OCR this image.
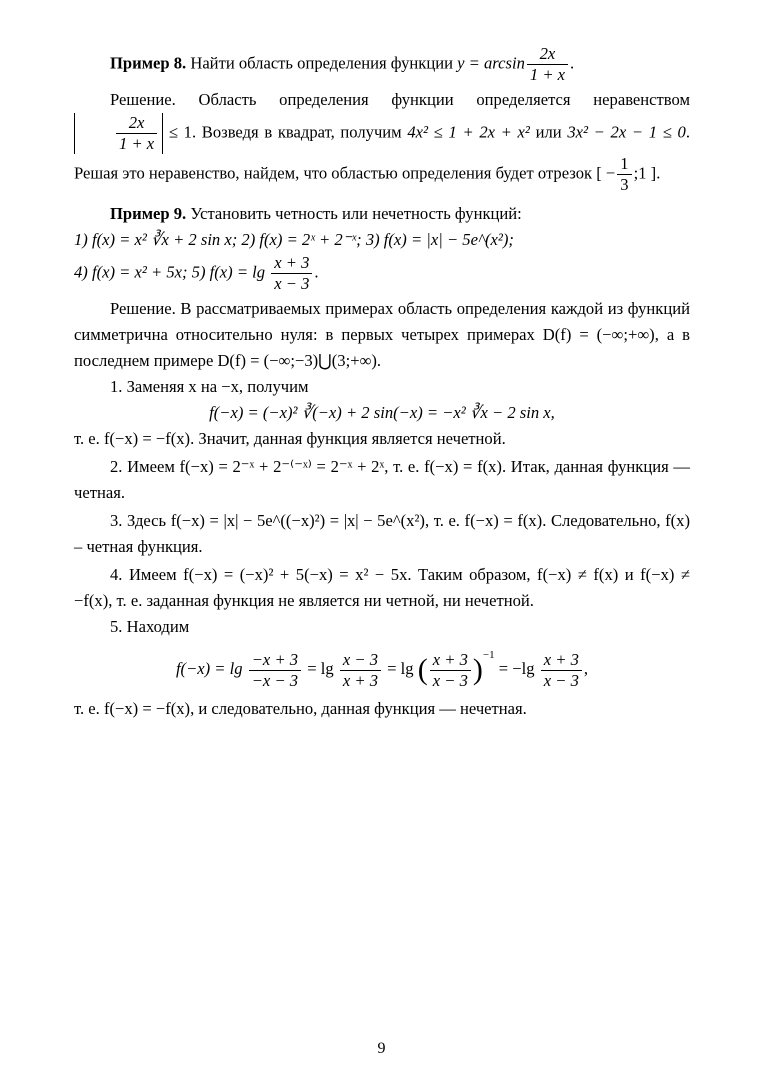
Пример 8. Найти область определения функции $y = \arcsin \frac{2x}{1 + x}$ .

Решение. Область определения функции определяется неравенством
$\frac{2x}{1 + x} \le 1$. Возведя в квадрат, получим 4x² ≤ 1 + 2x + x² или 3x² − 2x − 1 ≤ 0. Решая это неравенство, найдем, что областью определения будет отрезок [ − $\frac{1}{3}$ ;1 ].

Пример 9. Установить четность или нечетность функций:

1) f(x) = x² ∛x + 2 sin x; 2) f(x) = 2ˣ + 2⁻ˣ; 3) f(x) = |x| − 5e^(x²);

4) f(x) = x² + 5x; 5) $f(x) = \lg \frac{x + 3}{x - 3}$ .

Решение. В рассматриваемых примерах область определения каждой из функций симметрична относительно нуля: в первых четырех примерах D(f) = (−∞;+∞), а в последнем примере D(f) = (−∞;−3)⋃(3;+∞).

1. Заменяя x на −x, получим

f(−x) = (−x)² ∛(−x) + 2 sin(−x) = −x² ∛x − 2 sin x,

т. е. f(−x) = −f(x). Значит, данная функция является нечетной.

2. Имеем f(−x) = 2⁻ˣ + 2⁻⁽⁻ˣ⁾ = 2⁻ˣ + 2ˣ, т. е. f(−x) = f(x). Итак, данная функция — четная.

3. Здесь f(−x) = |x| − 5e^((−x)²) = |x| − 5e^(x²), т. е. f(−x) = f(x). Следовательно, f(x) – четная функция.

4. Имеем f(−x) = (−x)² + 5(−x) = x² − 5x. Таким образом, f(−x) ≠ f(x) и f(−x) ≠ −f(x), т. е. заданная функция не является ни четной, ни нечетной.

5. Находим

$f(-x) = \lg \frac{-x + 3}{-x - 3} = \lg \frac{x - 3}{x + 3} = \lg$ ( $\frac{x + 3}{x - 3} )^{-1} = -\lg \frac{x + 3}{x - 3}$ ,

т. е. f(−x) = −f(x), и следовательно, данная функция — нечетная.

9
